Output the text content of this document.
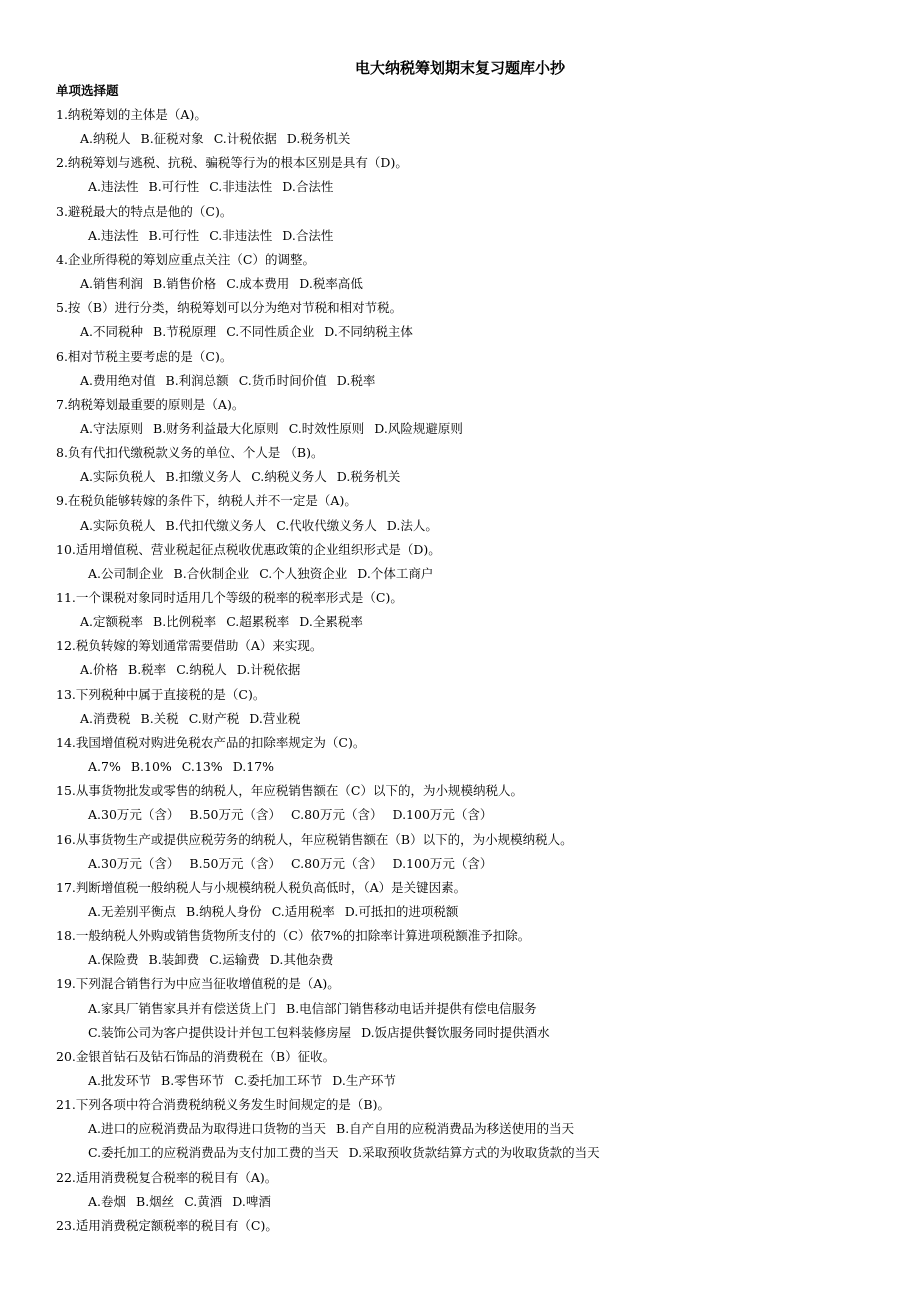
电大纳税筹划期末复习题库小抄
单项选择题
1.纳税筹划的主体是（A)。
A.纳税人 B.征税对象 C.计税依据 D.税务机关
2.纳税筹划与逃税、抗税、骗税等行为的根本区别是具有（D)。
A.违法性 B.可行性 C.非违法性 D.合法性
3.避税最大的特点是他的（C)。
A.违法性 B.可行性 C.非违法性 D.合法性
4.企业所得税的筹划应重点关注（C）的调整。
A.销售利润 B.销售价格 C.成本费用 D.税率高低
5.按（B）进行分类，纳税筹划可以分为绝对节税和相对节税。
A.不同税种 B.节税原理 C.不同性质企业 D.不同纳税主体
6.相对节税主要考虑的是（C)。
A.费用绝对值 B.利润总额 C.货币时间价值 D.税率
7.纳税筹划最重要的原则是（A)。
A.守法原则 B.财务利益最大化原则 C.时效性原则 D.风险规避原则
8.负有代扣代缴税款义务的单位、个人是 （B)。
A.实际负税人 B.扣缴义务人 C.纳税义务人 D.税务机关
9.在税负能够转嫁的条件下，纳税人并不一定是（A)。
A.实际负税人 B.代扣代缴义务人 C.代收代缴义务人 D.法人。
10.适用增值税、营业税起征点税收优惠政策的企业组织形式是（D)。
A.公司制企业 B.合伙制企业 C.个人独资企业 D.个体工商户
11.一个课税对象同时适用几个等级的税率的税率形式是（C)。
A.定额税率 B.比例税率 C.超累税率 D.全累税率
12.税负转嫁的筹划通常需要借助（A）来实现。
A.价格 B.税率 C.纳税人 D.计税依据
13.下列税种中属于直接税的是（C)。
A.消费税 B.关税 C.财产税 D.营业税
14.我国增值税对购进免税农产品的扣除率规定为（C)。
A.7% B.10% C.13% D.17%
15.从事货物批发或零售的纳税人，年应税销售额在（C）以下的，为小规模纳税人。
A.30万元（含） B.50万元（含） C.80万元（含） D.100万元（含）
16.从事货物生产或提供应税劳务的纳税人，年应税销售额在（B）以下的，为小规模纳税人。
A.30万元（含） B.50万元（含） C.80万元（含） D.100万元（含）
17.判断增值税一般纳税人与小规模纳税人税负高低时，（A）是关键因素。
A.无差别平衡点 B.纳税人身份 C.适用税率 D.可抵扣的进项税额
18.一般纳税人外购或销售货物所支付的（C）依7%的扣除率计算进项税额准予扣除。
A.保险费 B.装卸费 C.运输费 D.其他杂费
19.下列混合销售行为中应当征收增值税的是（A)。
A.家具厂销售家具并有偿送货上门 B.电信部门销售移动电话并提供有偿电信服务
C.装饰公司为客户提供设计并包工包料装修房屋 D.饭店提供餐饮服务同时提供酒水
20.金银首钻石及钻石饰品的消费税在（B）征收。
A.批发环节 B.零售环节 C.委托加工环节 D.生产环节
21.下列各项中符合消费税纳税义务发生时间规定的是（B)。
A.进口的应税消费品为取得进口货物的当天 B.自产自用的应税消费品为移送使用的当天
C.委托加工的应税消费品为支付加工费的当天 D.采取预收货款结算方式的为收取货款的当天
22.适用消费税复合税率的税目有（A)。
A.卷烟 B.烟丝 C.黄酒 D.啤酒
23.适用消费税定额税率的税目有（C)。
